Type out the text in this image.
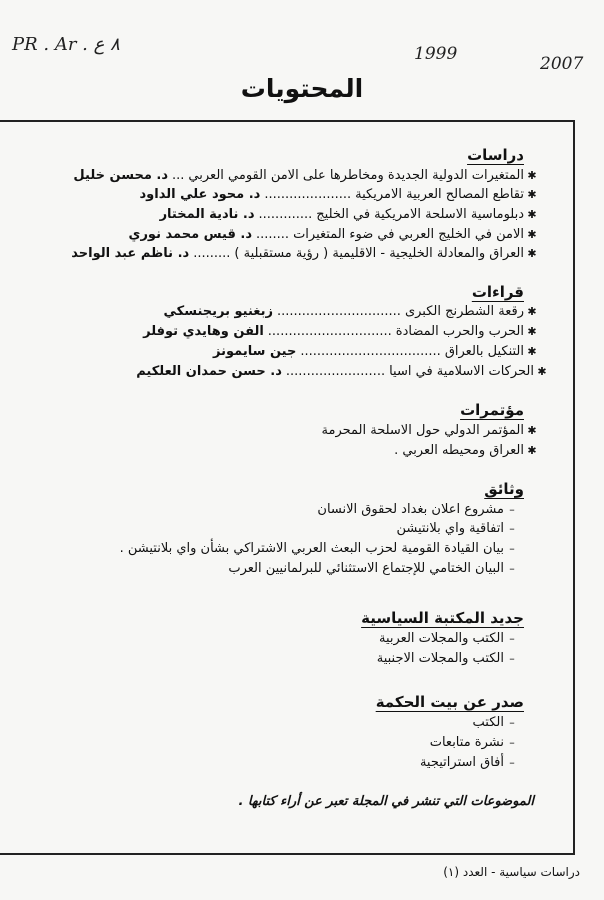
PR . Ar . ٨ ع	1999	2007
المحتويات
دراسات
✱المتغيرات الدولية الجديدة ومخاطرها على الامن القومي العربي...د. محسن خليل
✱تقاطع المصالح العربية الامريكية.....................د. محود علي الداود
✱دبلوماسية الاسلحة الامريكية في الخليج.............د. نادية المختار
✱الامن في الخليج العربي في ضوء المتغيرات........د. قيس محمد نوري
✱العراق والمعادلة الخليجية - الاقليمية ( رؤية مستقبلية ).........د. ناظم عبد الواحد
قراءات
✱رقعة الشطرنج الكبرى..............................زبغنيو بريجنسكي
✱الحرب والحرب المضادة..............................الفن وهايدي توفلر
✱التنكيل بالعراق..................................جين سايمونز
✱الحركات الاسلامية في اسيا........................د. حسن حمدان العلكيم
مؤتمرات
✱المؤتمر الدولي حول الاسلحة المحرمة
✱العراق ومحيطه العربي .
وثائق
–مشروع اعلان بغداد لحقوق الانسان
–اتفاقية واي بلانتيشن
–بيان القيادة القومية لحزب البعث العربي الاشتراكي بشأن واي بلانتيشن .
–البيان الختامي للإجتماع الاستثنائي للبرلمانيين العرب
جديد المكتبة السياسية
–الكتب والمجلات العربية
–الكتب والمجلات الاجنبية
صدر عن بيت الحكمة
–الكتب
–نشرة متابعات
–أفاق استراتيجية
الموضوعات التي تنشر في المجلة تعبر عن أراء كتابها .
دراسات سياسية - العدد (١)
